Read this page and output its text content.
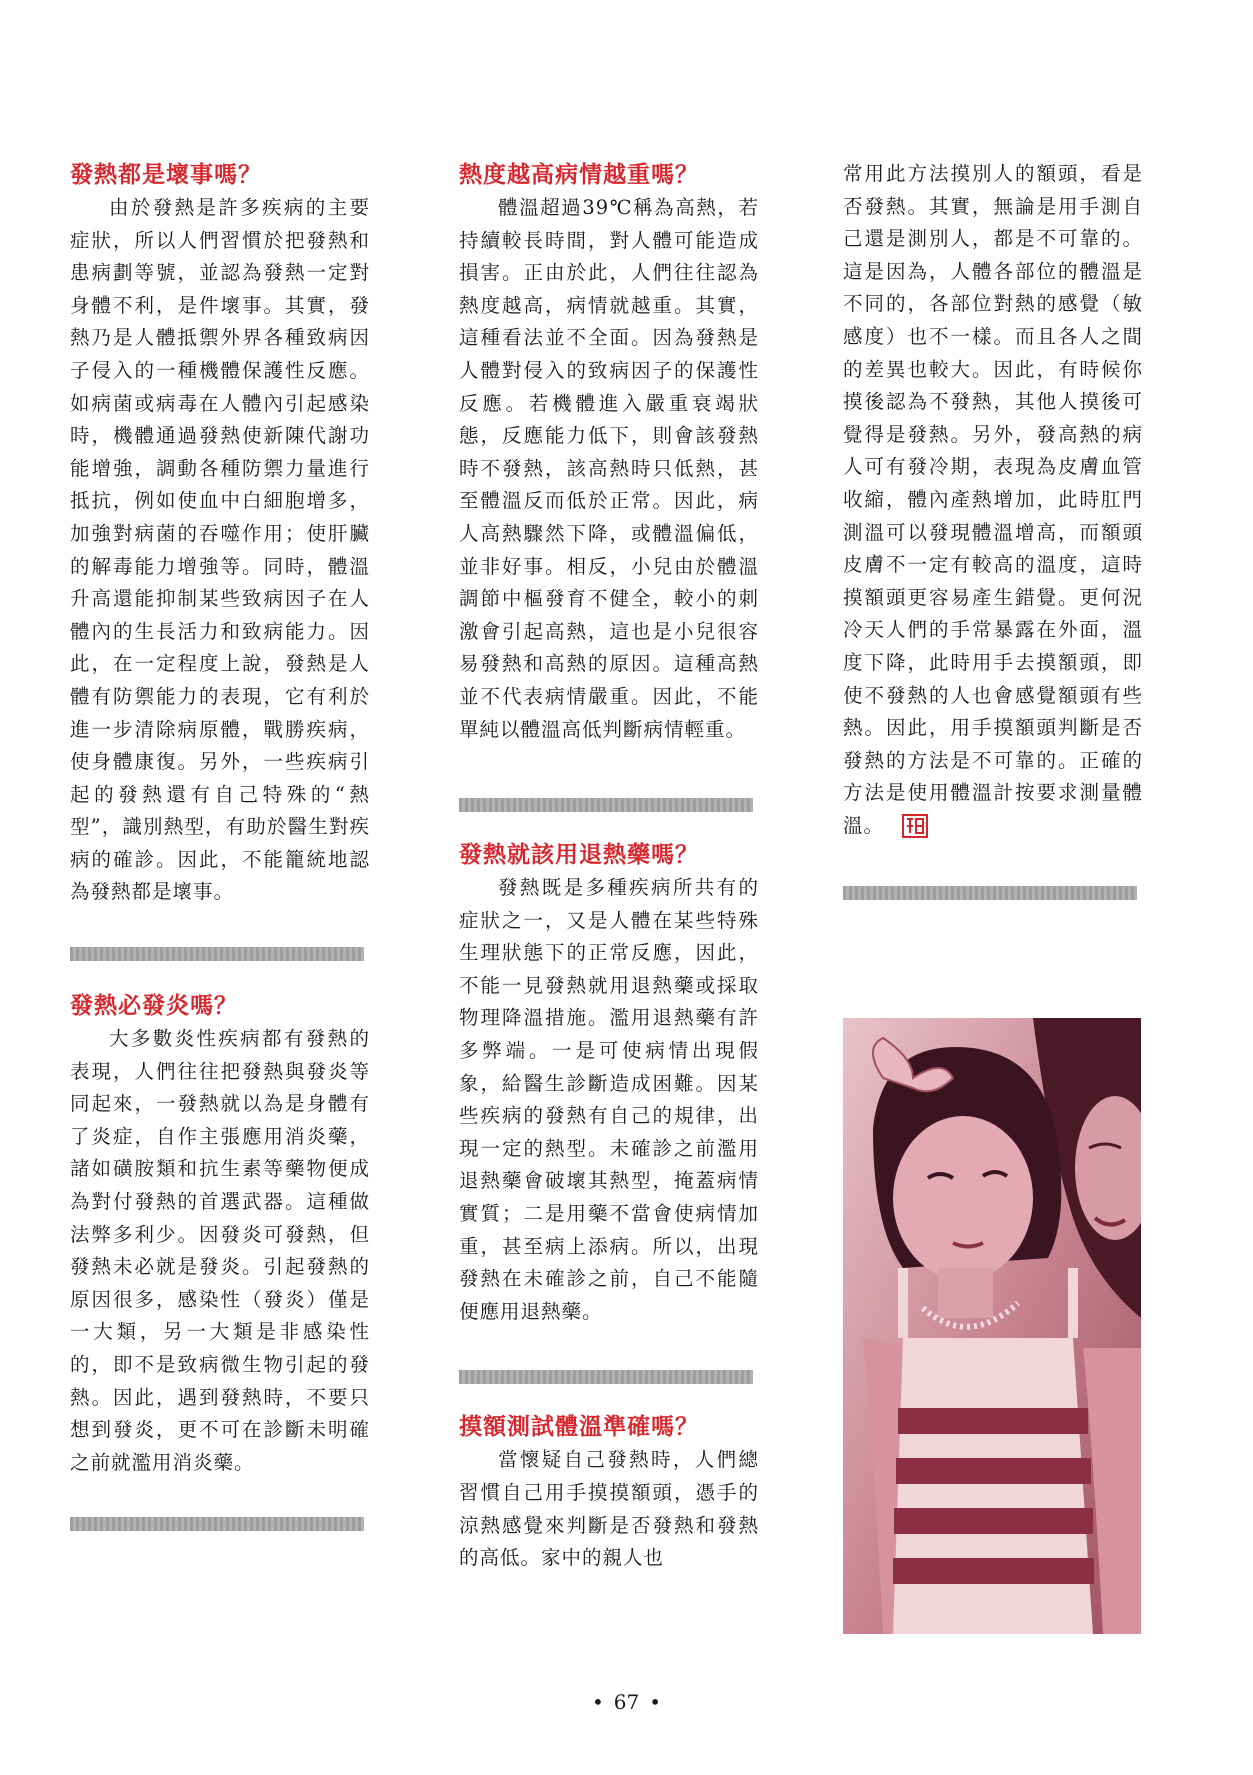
發熱都是壞事嗎？

由於發熱是許多疾病的主要症狀，所以人們習慣於把發熱和患病劃等號，並認為發熱一定對身體不利，是件壞事。其實，發熱乃是人體抵禦外界各種致病因子侵入的一種機體保護性反應。如病菌或病毒在人體內引起感染時，機體通過發熱使新陳代謝功能增強，調動各種防禦力量進行抵抗，例如使血中白細胞增多，加強對病菌的吞噬作用；使肝臟的解毒能力增強等。同時，體溫升高還能抑制某些致病因子在人體內的生長活力和致病能力。因此，在一定程度上說，發熱是人體有防禦能力的表現，它有利於進一步清除病原體，戰勝疾病，使身體康復。另外，一些疾病引起的發熱還有自己特殊的“熱型”，識別熱型，有助於醫生對疾病的確診。因此，不能籠統地認為發熱都是壞事。

發熱必發炎嗎？

大多數炎性疾病都有發熱的表現，人們往往把發熱與發炎等同起來，一發熱就以為是身體有了炎症，自作主張應用消炎藥，諸如磺胺類和抗生素等藥物便成為對付發熱的首選武器。這種做法弊多利少。因發炎可發熱，但發熱未必就是發炎。引起發熱的原因很多，感染性（發炎）僅是一大類，另一大類是非感染性的，即不是致病微生物引起的發熱。因此，遇到發熱時，不要只想到發炎，更不可在診斷未明確之前就濫用消炎藥。

熱度越高病情越重嗎？

體溫超過39℃稱為高熱，若持續較長時間，對人體可能造成損害。正由於此，人們往往認為熱度越高，病情就越重。其實，這種看法並不全面。因為發熱是人體對侵入的致病因子的保護性反應。若機體進入嚴重衰竭狀態，反應能力低下，則會該發熱時不發熱，該高熱時只低熱，甚至體溫反而低於正常。因此，病人高熱驟然下降，或體溫偏低，並非好事。相反，小兒由於體溫調節中樞發育不健全，較小的刺激會引起高熱，這也是小兒很容易發熱和高熱的原因。這種高熱並不代表病情嚴重。因此，不能單純以體溫高低判斷病情輕重。

發熱就該用退熱藥嗎？

發熱既是多種疾病所共有的症狀之一，又是人體在某些特殊生理狀態下的正常反應，因此，不能一見發熱就用退熱藥或採取物理降溫措施。濫用退熱藥有許多弊端。一是可使病情出現假象，給醫生診斷造成困難。因某些疾病的發熱有自己的規律，出現一定的熱型。未確診之前濫用退熱藥會破壞其熱型，掩蓋病情實質；二是用藥不當會使病情加重，甚至病上添病。所以，出現發熱在未確診之前，自己不能隨便應用退熱藥。

摸額測試體溫準確嗎？

當懷疑自己發熱時，人們總習慣自己用手摸摸額頭，憑手的涼熱感覺來判斷是否發熱和發熱的高低。家中的親人也

常用此方法摸別人的額頭，看是否發熱。其實，無論是用手測自己還是測別人，都是不可靠的。這是因為，人體各部位的體溫是不同的，各部位對熱的感覺（敏感度）也不一樣。而且各人之間的差異也較大。因此，有時候你摸後認為不發熱，其他人摸後可覺得是發熱。另外，發高熱的病人可有發冷期，表現為皮膚血管收縮，體內產熱增加，此時肛門測溫可以發現體溫增高，而額頭皮膚不一定有較高的溫度，這時摸額頭更容易產生錯覺。更何況冷天人們的手常暴露在外面，溫度下降，此時用手去摸額頭，即使不發熱的人也會感覺額頭有些熱。因此，用手摸額頭判斷是否發熱的方法是不可靠的。正確的方法是使用體溫計按要求測量體溫。

• 67 •
